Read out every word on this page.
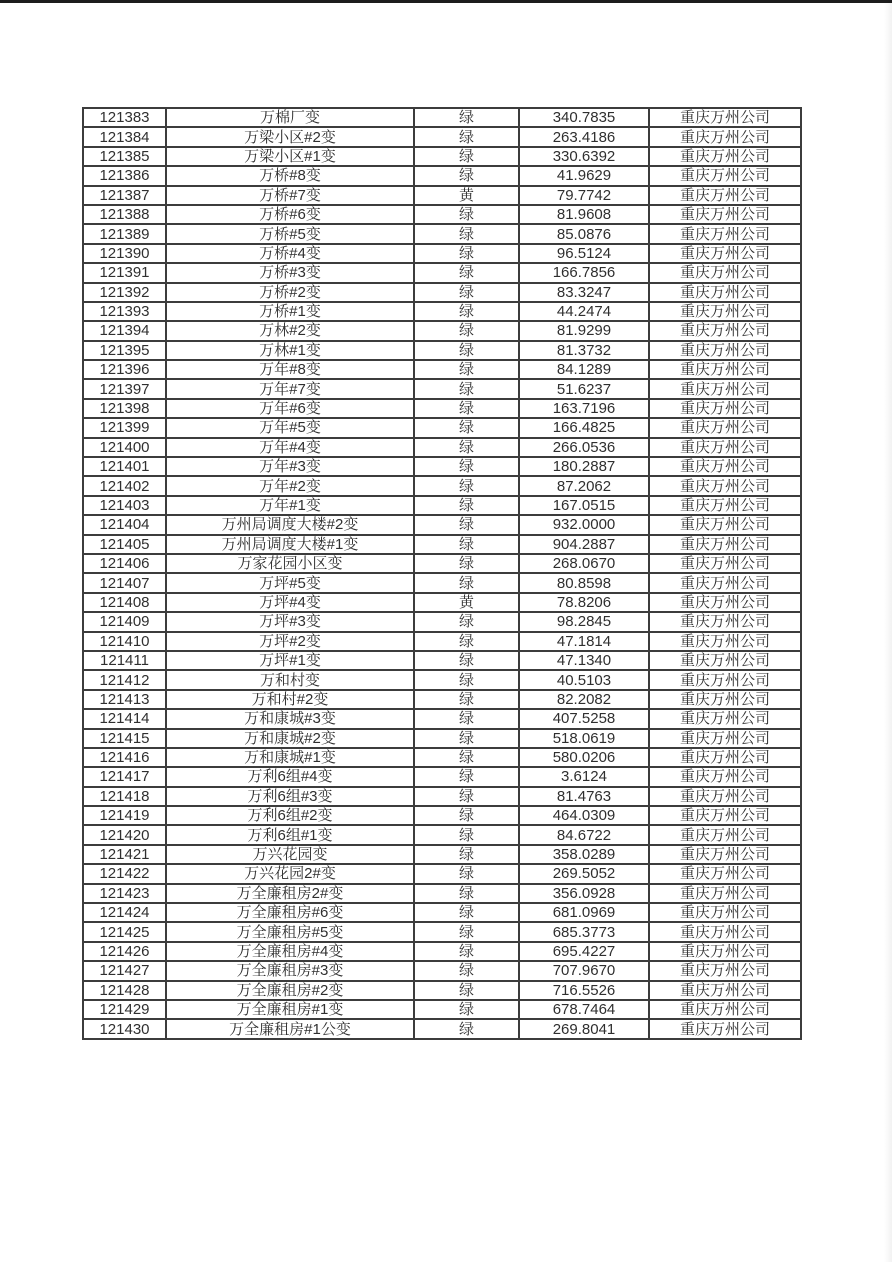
121383	万棉厂变	绿	340.7835	重庆万州公司
121384	万梁小区#2变	绿	263.4186	重庆万州公司
121385	万梁小区#1变	绿	330.6392	重庆万州公司
121386	万桥#8变	绿	41.9629	重庆万州公司
121387	万桥#7变	黄	79.7742	重庆万州公司
121388	万桥#6变	绿	81.9608	重庆万州公司
121389	万桥#5变	绿	85.0876	重庆万州公司
121390	万桥#4变	绿	96.5124	重庆万州公司
121391	万桥#3变	绿	166.7856	重庆万州公司
121392	万桥#2变	绿	83.3247	重庆万州公司
121393	万桥#1变	绿	44.2474	重庆万州公司
121394	万林#2变	绿	81.9299	重庆万州公司
121395	万林#1变	绿	81.3732	重庆万州公司
121396	万年#8变	绿	84.1289	重庆万州公司
121397	万年#7变	绿	51.6237	重庆万州公司
121398	万年#6变	绿	163.7196	重庆万州公司
121399	万年#5变	绿	166.4825	重庆万州公司
121400	万年#4变	绿	266.0536	重庆万州公司
121401	万年#3变	绿	180.2887	重庆万州公司
121402	万年#2变	绿	87.2062	重庆万州公司
121403	万年#1变	绿	167.0515	重庆万州公司
121404	万州局调度大楼#2变	绿	932.0000	重庆万州公司
121405	万州局调度大楼#1变	绿	904.2887	重庆万州公司
121406	万家花园小区变	绿	268.0670	重庆万州公司
121407	万坪#5变	绿	80.8598	重庆万州公司
121408	万坪#4变	黄	78.8206	重庆万州公司
121409	万坪#3变	绿	98.2845	重庆万州公司
121410	万坪#2变	绿	47.1814	重庆万州公司
121411	万坪#1变	绿	47.1340	重庆万州公司
121412	万和村变	绿	40.5103	重庆万州公司
121413	万和村#2变	绿	82.2082	重庆万州公司
121414	万和康城#3变	绿	407.5258	重庆万州公司
121415	万和康城#2变	绿	518.0619	重庆万州公司
121416	万和康城#1变	绿	580.0206	重庆万州公司
121417	万利6组#4变	绿	3.6124	重庆万州公司
121418	万利6组#3变	绿	81.4763	重庆万州公司
121419	万利6组#2变	绿	464.0309	重庆万州公司
121420	万利6组#1变	绿	84.6722	重庆万州公司
121421	万兴花园变	绿	358.0289	重庆万州公司
121422	万兴花园2#变	绿	269.5052	重庆万州公司
121423	万全廉租房2#变	绿	356.0928	重庆万州公司
121424	万全廉租房#6变	绿	681.0969	重庆万州公司
121425	万全廉租房#5变	绿	685.3773	重庆万州公司
121426	万全廉租房#4变	绿	695.4227	重庆万州公司
121427	万全廉租房#3变	绿	707.9670	重庆万州公司
121428	万全廉租房#2变	绿	716.5526	重庆万州公司
121429	万全廉租房#1变	绿	678.7464	重庆万州公司
121430	万全廉租房#1公变	绿	269.8041	重庆万州公司
